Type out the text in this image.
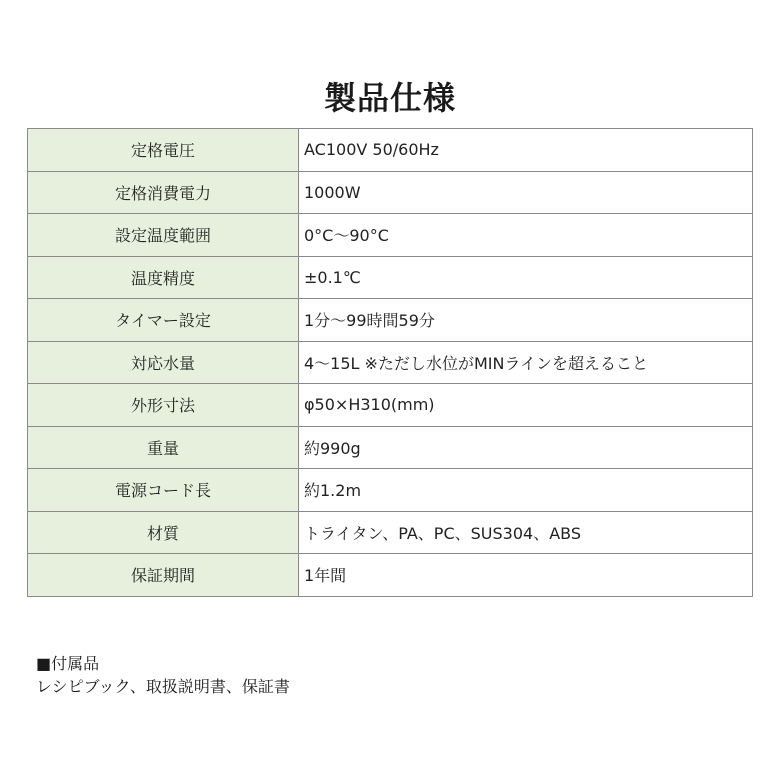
製品仕様
定格電圧	AC100V 50/60Hz
定格消費電力	1000W
設定温度範囲	0°C〜90°C
温度精度	±0.1℃
タイマー設定	1分〜99時間59分
対応水量	4〜15L ※ただし水位がMINラインを超えること
外形寸法	φ50×H310(mm)
重量	約990g
電源コード長	約1.2m
材質	トライタン、PA、PC、SUS304、ABS
保証期間	1年間
■付属品
レシピブック、取扱説明書、保証書
